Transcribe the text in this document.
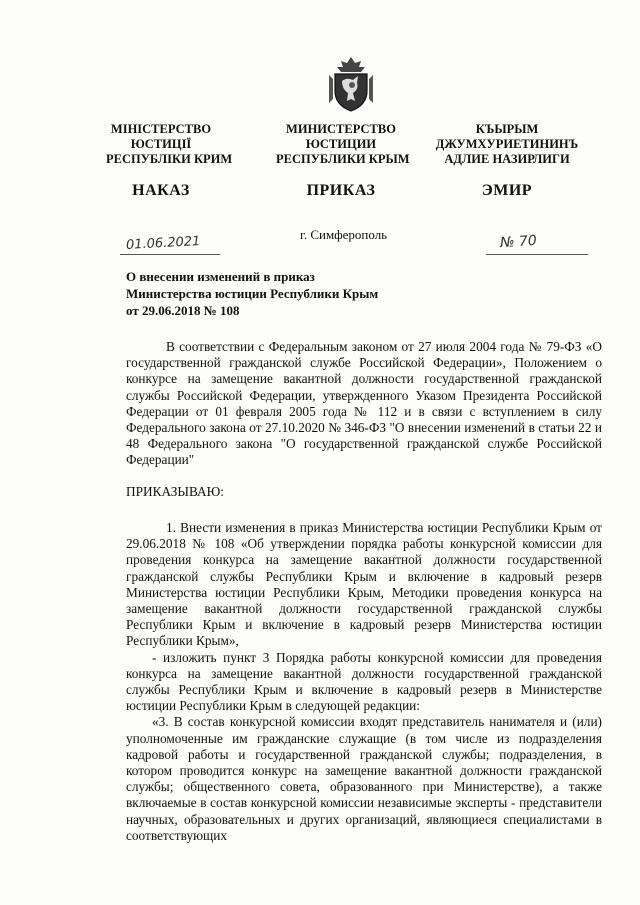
МІНІСТЕРСТВО
ЮСТИЦІЇ
РЕСПУБЛІКИ КРИМ
МИНИСТЕРСТВО
ЮСТИЦИИ
РЕСПУБЛИКИ КРЫМ
КЪЫРЫМ
ДЖУМХУРИЕТИНИНЪ
АДЛИЕ НАЗИРЛИГИ
НАКАЗ	ПРИКАЗ	ЭМИР
г. Симферополь
01.06.2021	№ 70
О внесении изменений в приказ
Министерства юстиции Республики Крым
от 29.06.2018 № 108

В соответствии с Федеральным законом от 27 июля 2004 года № 79-ФЗ «О государственной гражданской службе Российской Федерации», Положением о конкурсе на замещение вакантной должности государственной гражданской службы Российской Федерации, утвержденного Указом Президента Российской Федерации от 01 февраля 2005 года № 112 и в связи с вступлением в силу Федерального закона от 27.10.2020 № 346-ФЗ "О внесении изменений в статьи 22 и 48 Федерального закона "О государственной гражданской службе Российской Федерации"

ПРИКАЗЫВАЮ:

1. Внести изменения в приказ Министерства юстиции Республики Крым от 29.06.2018 № 108 «Об утверждении порядка работы конкурсной комиссии для проведения конкурса на замещение вакантной должности государственной гражданской службы Республики Крым и включение в кадровый резерв Министерства юстиции Республики Крым, Методики проведения конкурса на замещение вакантной должности государственной гражданской службы Республики Крым и включение в кадровый резерв Министерства юстиции Республики Крым»,

- изложить пункт 3 Порядка работы конкурсной комиссии для проведения конкурса на замещение вакантной должности государственной гражданской службы Республики Крым и включение в кадровый резерв в Министерстве юстиции Республики Крым в следующей редакции:

«3. В состав конкурсной комиссии входят представитель нанимателя и (или) уполномоченные им гражданские служащие (в том числе из подразделения кадровой работы и государственной гражданской службы; подразделения, в котором проводится конкурс на замещение вакантной должности гражданской службы; общественного совета, образованного при Министерстве), а также включаемые в состав конкурсной комиссии независимые эксперты - представители научных, образовательных и других организаций, являющиеся специалистами в соответствующих
